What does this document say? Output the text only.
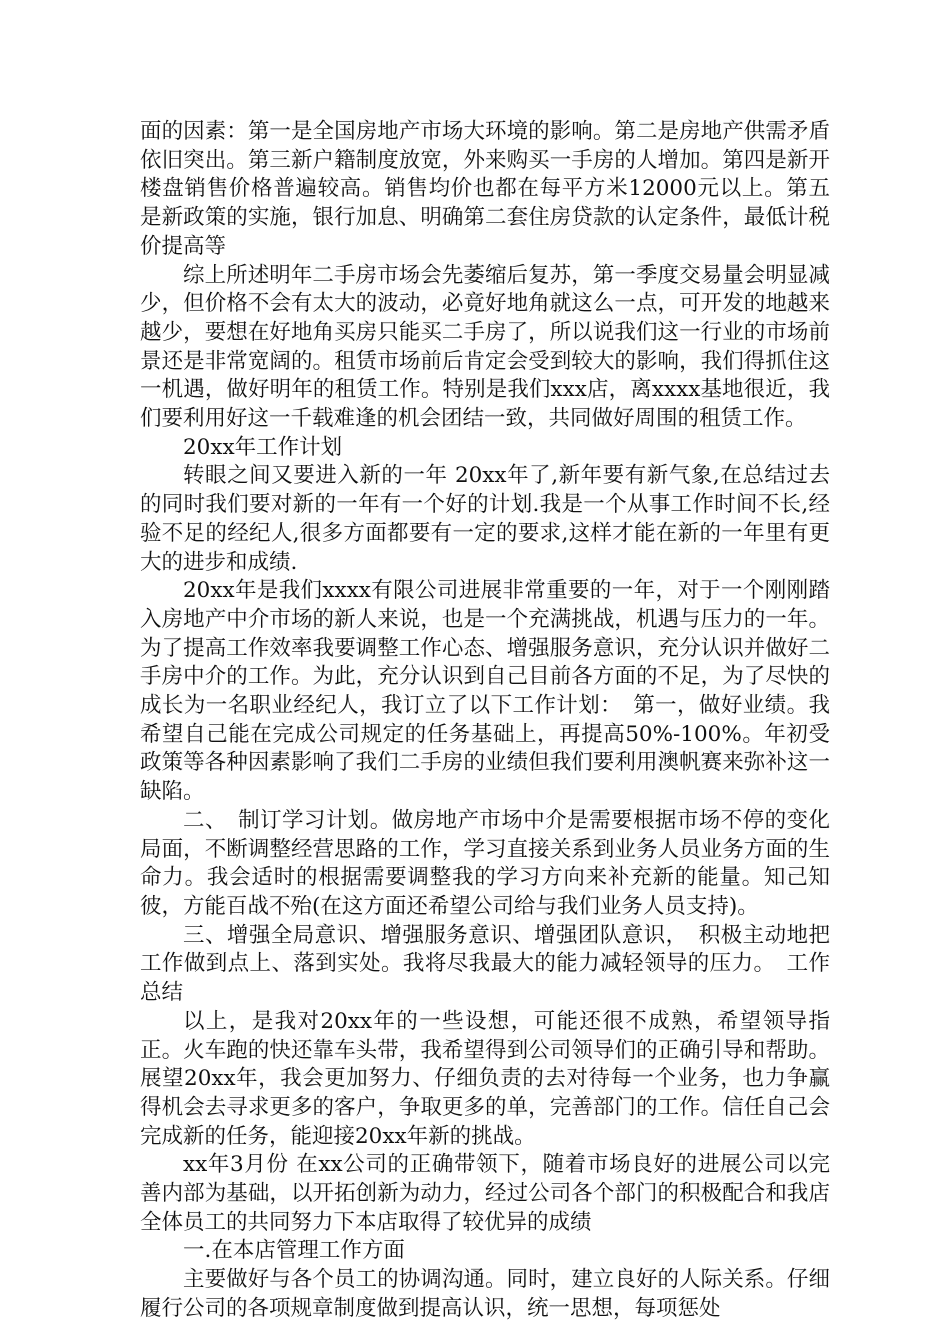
面的因素：第一是全国房地产市场大环境的影响。第二是房地产供需矛盾依旧突出。第三新户籍制度放宽，外来购买一手房的人增加。第四是新开楼盘销售价格普遍较高。销售均价也都在每平方米12000元以上。第五是新政策的实施，银行加息、明确第二套住房贷款的认定条件，最低计税价提高等

综上所述明年二手房市场会先萎缩后复苏，第一季度交易量会明显减少，但价格不会有太大的波动，必竟好地角就这么一点，可开发的地越来越少，要想在好地角买房只能买二手房了，所以说我们这一行业的市场前景还是非常宽阔的。租赁市场前后肯定会受到较大的影响，我们得抓住这一机遇，做好明年的租赁工作。特别是我们xxx店，离xxxx基地很近，我们要利用好这一千载难逢的机会团结一致，共同做好周围的租赁工作。

20xx年工作计划

转眼之间又要进入新的一年 20xx年了,新年要有新气象,在总结过去的同时我们要对新的一年有一个好的计划.我是一个从事工作时间不长,经验不足的经纪人,很多方面都要有一定的要求,这样才能在新的一年里有更大的进步和成绩.

20xx年是我们xxxx有限公司进展非常重要的一年，对于一个刚刚踏入房地产中介市场的新人来说，也是一个充满挑战，机遇与压力的一年。为了提高工作效率我要调整工作心态、增强服务意识，充分认识并做好二手房中介的工作。为此，充分认识到自己目前各方面的不足，为了尽快的成长为一名职业经纪人，我订立了以下工作计划：　第一，做好业绩。我希望自己能在完成公司规定的任务基础上，再提高50%-100%。年初受政策等各种因素影响了我们二手房的业绩但我们要利用澳帆赛来弥补这一缺陷。

二、　制订学习计划。做房地产市场中介是需要根据市场不停的变化局面，不断调整经营思路的工作，学习直接关系到业务人员业务方面的生命力。我会适时的根据需要调整我的学习方向来补充新的能量。知己知彼，方能百战不殆(在这方面还希望公司给与我们业务人员支持)。

三、增强全局意识、增强服务意识、增强团队意识，　积极主动地把工作做到点上、落到实处。我将尽我最大的能力减轻领导的压力。　工作总结

以上，是我对20xx年的一些设想，可能还很不成熟，希望领导指正。火车跑的快还靠车头带，我希望得到公司领导们的正确引导和帮助。展望20xx年，我会更加努力、仔细负责的去对待每一个业务，也力争赢得机会去寻求更多的客户，争取更多的单，完善部门的工作。信任自己会完成新的任务，能迎接20xx年新的挑战。

xx年3月份 在xx公司的正确带领下，随着市场良好的进展公司以完善内部为基础，以开拓创新为动力，经过公司各个部门的积极配合和我店全体员工的共同努力下本店取得了较优异的成绩

一.在本店管理工作方面

主要做好与各个员工的协调沟通。同时，建立良好的人际关系。仔细履行公司的各项规章制度做到提高认识，统一思想，每项惩处
